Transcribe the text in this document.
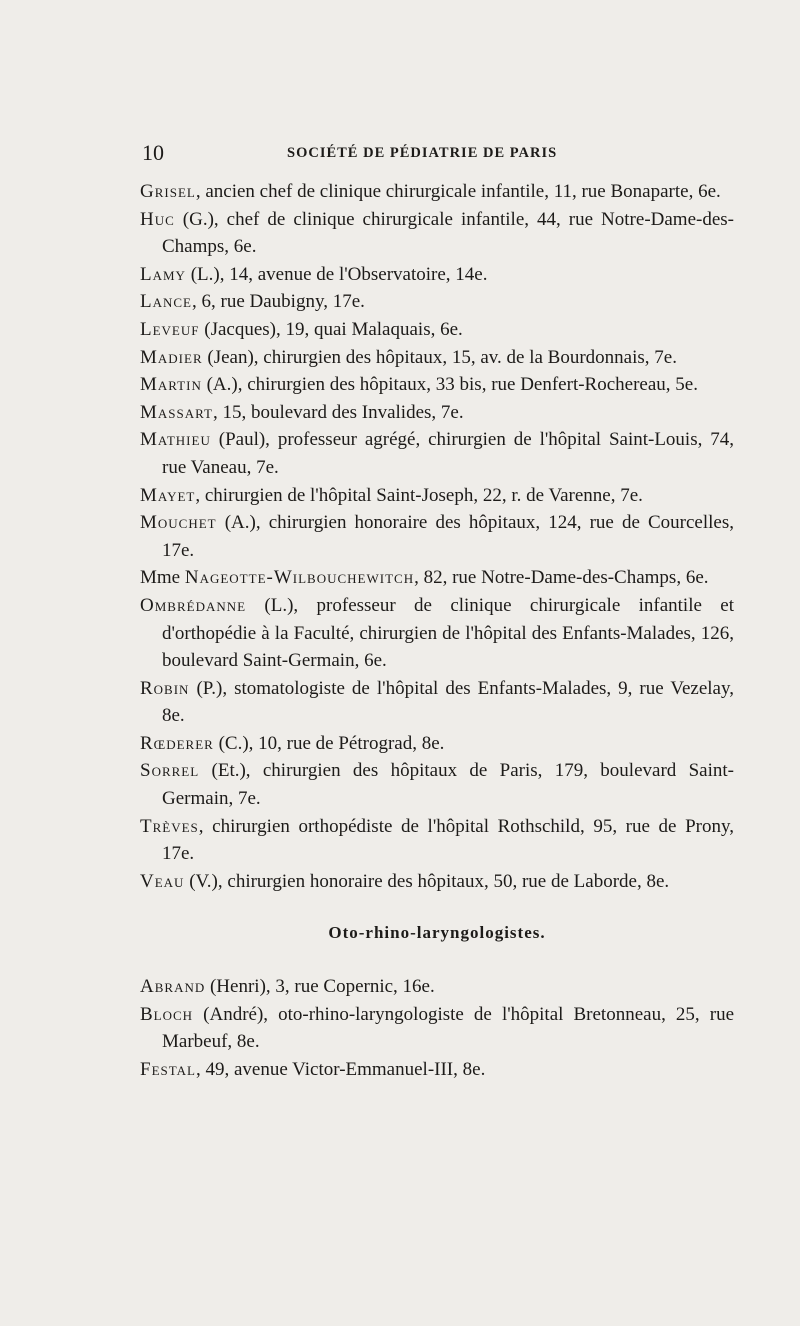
10	SOCIÉTÉ DE PÉDIATRIE DE PARIS

Grisel, ancien chef de clinique chirurgicale infantile, 11, rue Bonaparte, 6e.

Huc (G.), chef de clinique chirurgicale infantile, 44, rue Notre-Dame-des-Champs, 6e.

Lamy (L.), 14, avenue de l'Observatoire, 14e.

Lance, 6, rue Daubigny, 17e.

Leveuf (Jacques), 19, quai Malaquais, 6e.

Madier (Jean), chirurgien des hôpitaux, 15, av. de la Bourdonnais, 7e.

Martin (A.), chirurgien des hôpitaux, 33 bis, rue Denfert-Rochereau, 5e.

Massart, 15, boulevard des Invalides, 7e.

Mathieu (Paul), professeur agrégé, chirurgien de l'hôpital Saint-Louis, 74, rue Vaneau, 7e.

Mayet, chirurgien de l'hôpital Saint-Joseph, 22, r. de Varenne, 7e.

Mouchet (A.), chirurgien honoraire des hôpitaux, 124, rue de Courcelles, 17e.

Mme Nageotte-Wilbouchewitch, 82, rue Notre-Dame-des-Champs, 6e.

Ombrédanne (L.), professeur de clinique chirurgicale infantile et d'orthopédie à la Faculté, chirurgien de l'hôpital des Enfants-Malades, 126, boulevard Saint-Germain, 6e.

Robin (P.), stomatologiste de l'hôpital des Enfants-Malades, 9, rue Vezelay, 8e.

Rœderer (C.), 10, rue de Pétrograd, 8e.

Sorrel (Et.), chirurgien des hôpitaux de Paris, 179, boulevard Saint-Germain, 7e.

Trèves, chirurgien orthopédiste de l'hôpital Rothschild, 95, rue de Prony, 17e.

Veau (V.), chirurgien honoraire des hôpitaux, 50, rue de Laborde, 8e.

Oto-rhino-laryngologistes.

Abrand (Henri), 3, rue Copernic, 16e.

Bloch (André), oto-rhino-laryngologiste de l'hôpital Bretonneau, 25, rue Marbeuf, 8e.

Festal, 49, avenue Victor-Emmanuel-III, 8e.
